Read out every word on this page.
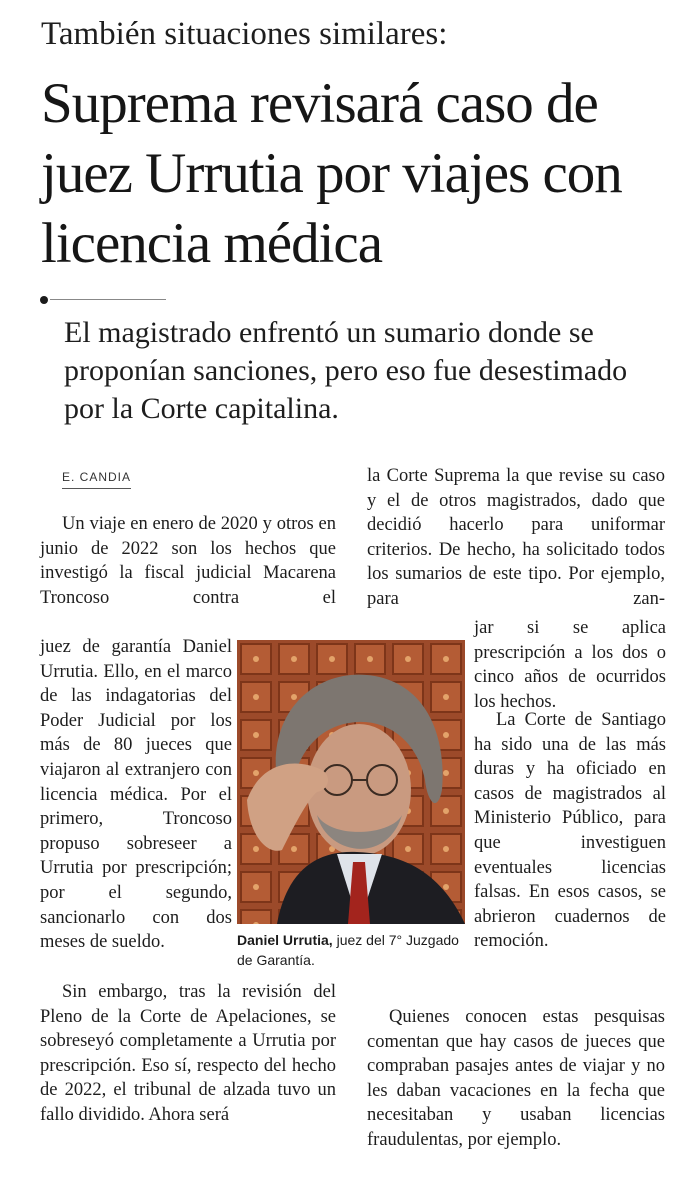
También situaciones similares:
Suprema revisará caso de juez Urrutia por viajes con licencia médica
El magistrado enfrentó un sumario donde se proponían sanciones, pero eso fue desestimado por la Corte capitalina.
E. CANDIA

Un viaje en enero de 2020 y otros en junio de 2022 son los hechos que investigó la fiscal judicial Macarena Troncoso contra el

juez de garantía Daniel Urrutia. Ello, en el marco de las indagatorias del Poder Judicial por los más de 80 jueces que viajaron al extranjero con licencia médica. Por el primero, Troncoso propuso sobreseer a Urrutia por prescripción; por el segundo, sancionarlo con dos meses de sueldo.

Sin embargo, tras la revisión del Pleno de la Corte de Apelaciones, se sobreseyó completamente a Urrutia por prescripción. Eso sí, respecto del hecho de 2022, el tribunal de alzada tuvo un fallo dividido. Ahora será

Daniel Urrutia, juez del 7° Juzgado de Garantía.

la Corte Suprema la que revise su caso y el de otros magistrados, dado que decidió hacerlo para uniformar criterios. De hecho, ha solicitado todos los sumarios de este tipo. Por ejemplo, para zan-

jar si se aplica prescripción a los dos o cinco años de ocurridos los hechos.

La Corte de Santiago ha sido una de las más duras y ha oficiado en casos de magistrados al Ministerio Público, para que investiguen eventuales licencias falsas. En esos casos, se abrieron cuadernos de remoción.

Quienes conocen estas pesquisas comentan que hay casos de jueces que compraban pasajes antes de viajar y no les daban vacaciones en la fecha que necesitaban y usaban licencias fraudulentas, por ejemplo.
